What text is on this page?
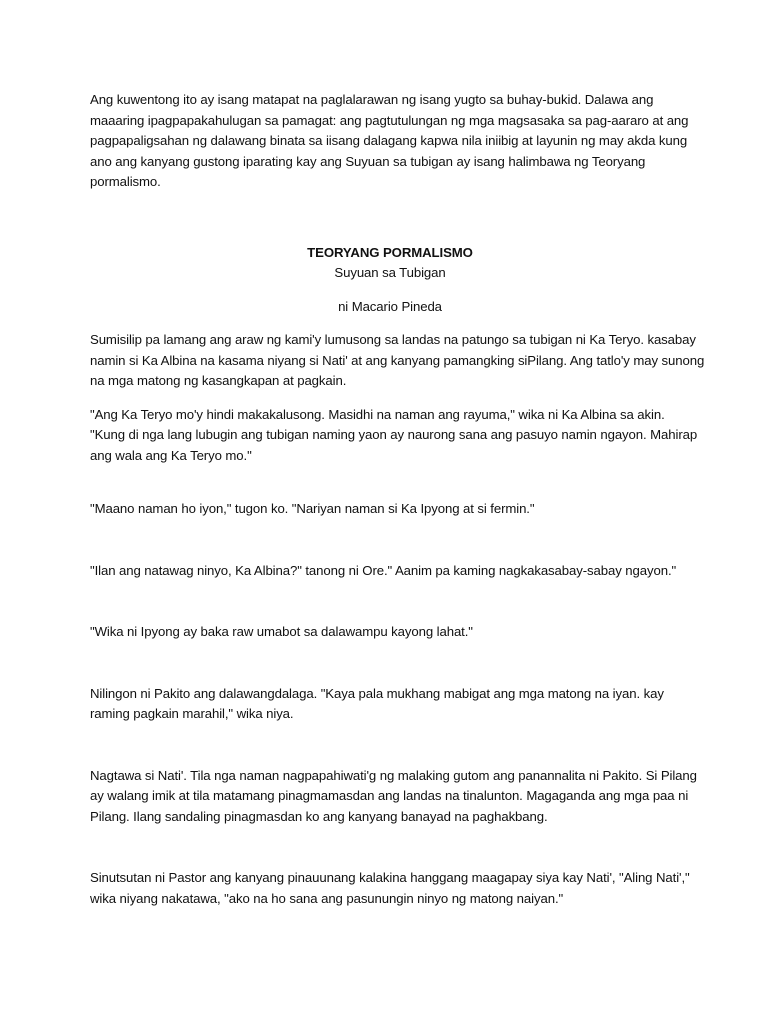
Ang kuwentong ito ay isang matapat na paglalarawan ng isang yugto sa buhay-bukid. Dalawa ang
maaaring ipagpapakahulugan sa pamagat: ang pagtutulungan ng mga magsasaka sa pag-aararo at ang
pagpapaligsahan ng dalawang binata sa iisang dalagang kapwa nila iniibig at layunin ng may akda kung
ano ang kanyang gustong iparating kay ang Suyuan sa tubigan ay isang halimbawa ng Teoryang
pormalismo.

TEORYANG PORMALISMO
Suyuan sa Tubigan

ni Macario Pineda

Sumisilip pa lamang ang araw ng kami'y lumusong sa landas na patungo sa tubigan ni Ka Teryo. kasabay
namin si Ka Albina na kasama niyang si Nati' at ang kanyang pamangking siPilang. Ang tatlo'y may sunong
na mga matong ng kasangkapan at pagkain.

"Ang Ka Teryo mo'y hindi makakalusong. Masidhi na naman ang rayuma," wika ni Ka Albina sa akin.
"Kung di nga lang lubugin ang tubigan naming yaon ay naurong sana ang pasuyo namin ngayon. Mahirap
ang wala ang Ka Teryo mo."

"Maano naman ho iyon," tugon ko. "Nariyan naman si Ka Ipyong at si fermin."

"Ilan ang natawag ninyo, Ka Albina?" tanong ni Ore." Aanim pa kaming nagkakasabay-sabay ngayon."

"Wika ni Ipyong ay baka raw umabot sa dalawampu kayong lahat."

Nilingon ni Pakito ang dalawangdalaga. "Kaya pala mukhang mabigat ang mga matong na iyan. kay
raming pagkain marahil," wika niya.

Nagtawa si Nati'. Tila nga naman nagpapahiwati'g ng malaking gutom ang panannalita ni Pakito. Si Pilang
ay walang imik at tila matamang pinagmamasdan ang landas na tinalunton. Magaganda ang mga paa ni
Pilang. Ilang sandaling pinagmasdan ko ang kanyang banayad na paghakbang.

Sinutsutan ni Pastor ang kanyang pinauunang kalakina hanggang maagapay siya kay Nati', "Aling Nati',"
wika niyang nakatawa, "ako na ho sana ang pasunungin ninyo ng matong naiyan."
